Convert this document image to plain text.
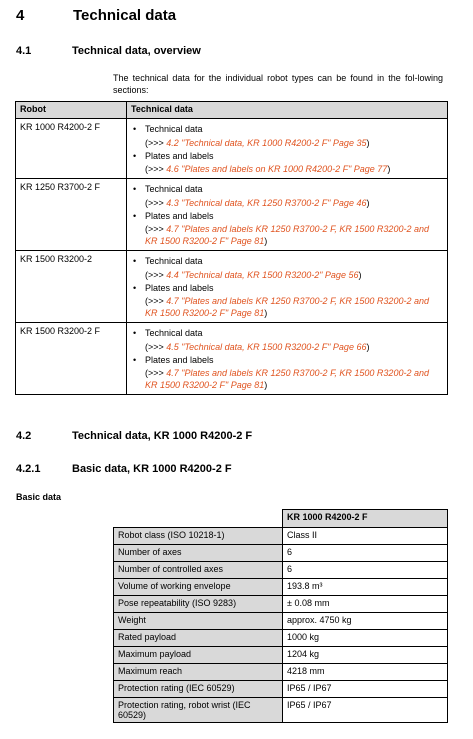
4	Technical data
4.1	Technical data, overview
The technical data for the individual robot types can be found in the fol-lowing sections:
Robot	Technical data
KR 1000 R4200-2 F	• Technical data
(>>> 4.2 "Technical data, KR 1000 R4200-2 F" Page 35)
• Plates and labels
(>>> 4.6 "Plates and labels on KR 1000 R4200-2 F" Page 77)

KR 1250 R3700-2 F	• Technical data
(>>> 4.3 "Technical data, KR 1250 R3700-2 F" Page 46)
• Plates and labels
(>>> 4.7 "Plates and labels KR 1250 R3700-2 F, KR 1500 R3200-2 and KR 1500 R3200-2 F" Page 81)

KR 1500 R3200-2	• Technical data
(>>> 4.4 "Technical data, KR 1500 R3200-2" Page 56)
• Plates and labels
(>>> 4.7 "Plates and labels KR 1250 R3700-2 F, KR 1500 R3200-2 and KR 1500 R3200-2 F" Page 81)

KR 1500 R3200-2 F	• Technical data
(>>> 4.5 "Technical data, KR 1500 R3200-2 F" Page 66)
• Plates and labels
(>>> 4.7 "Plates and labels KR 1250 R3700-2 F, KR 1500 R3200-2 and KR 1500 R3200-2 F" Page 81)
4.2	Technical data, KR 1000 R4200-2 F
4.2.1	Basic data, KR 1000 R4200-2 F
Basic data
	KR 1000 R4200-2 F
Robot class (ISO 10218-1)	Class II
Number of axes	6
Number of controlled axes	6
Volume of working envelope	193.8 m³
Pose repeatability (ISO 9283)	± 0.08 mm
Weight	approx. 4750 kg
Rated payload	1000 kg
Maximum payload	1204 kg
Maximum reach	4218 mm
Protection rating (IEC 60529)	IP65 / IP67
Protection rating, robot wrist (IEC 60529)	IP65 / IP67
